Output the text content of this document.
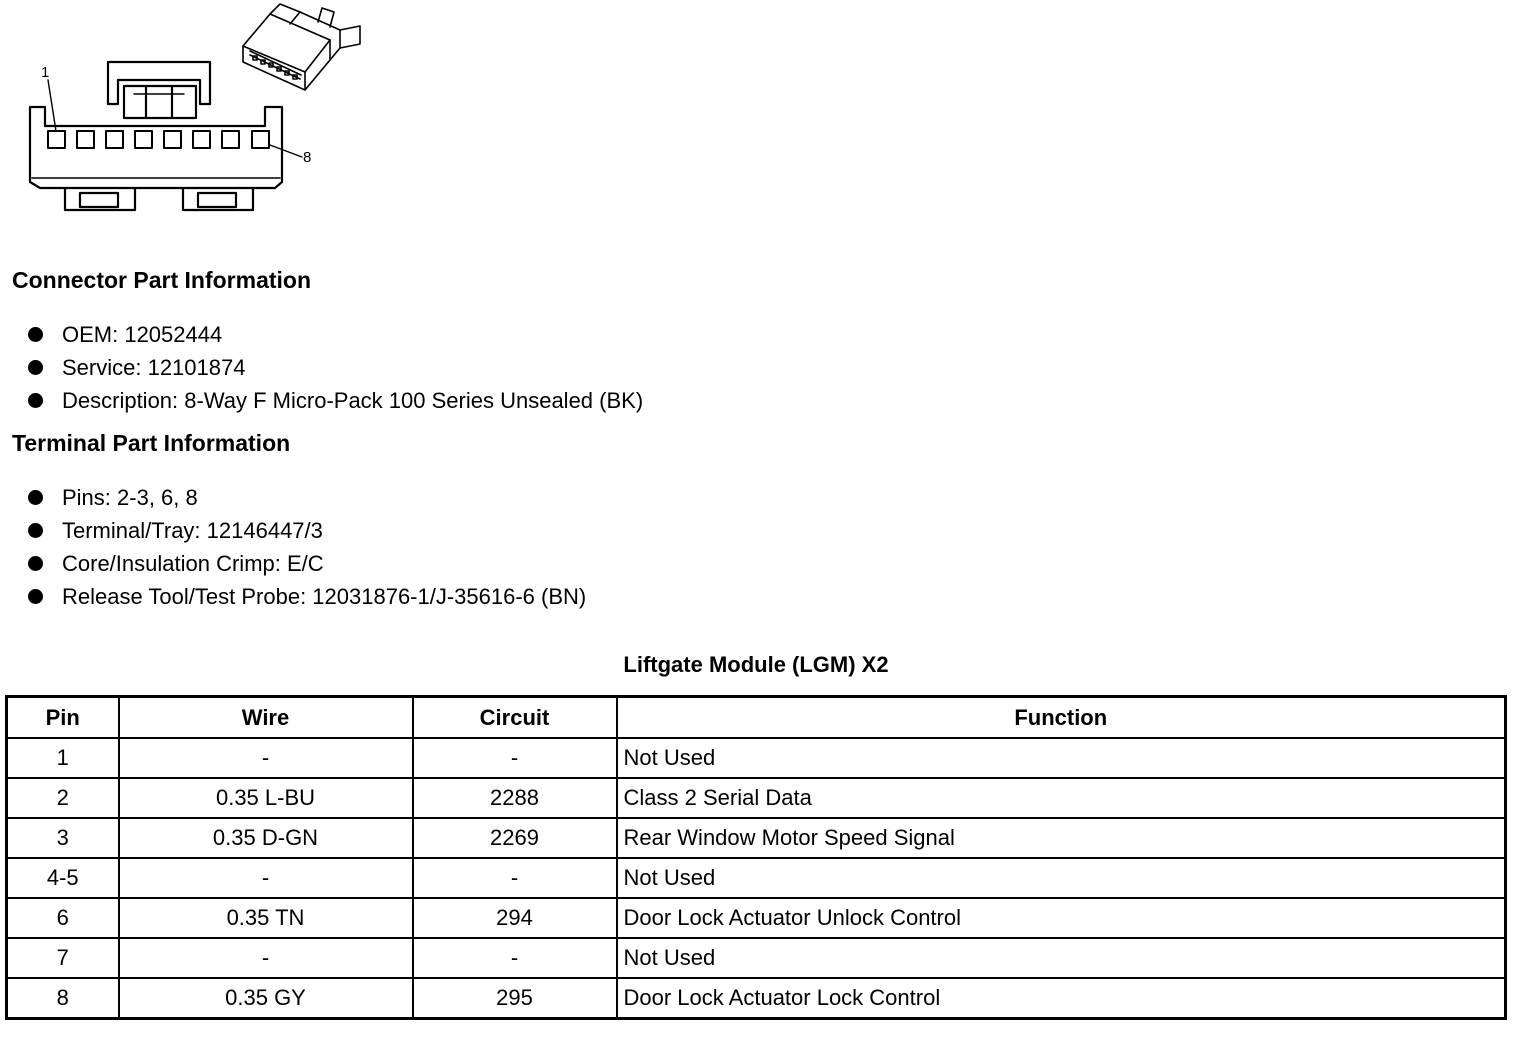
1
8
Connector Part Information
OEM: 12052444
Service: 12101874
Description: 8-Way F Micro-Pack 100 Series Unsealed (BK)
Terminal Part Information
Pins: 2-3, 6, 8
Terminal/Tray: 12146447/3
Core/Insulation Crimp: E/C
Release Tool/Test Probe: 12031876-1/J-35616-6 (BN)
Liftgate Module (LGM) X2
Pin	Wire	Circuit	Function
1	-	-	Not Used
2	0.35 L-BU	2288	Class 2 Serial Data
3	0.35 D-GN	2269	Rear Window Motor Speed Signal
4-5	-	-	Not Used
6	0.35 TN	294	Door Lock Actuator Unlock Control
7	-	-	Not Used
8	0.35 GY	295	Door Lock Actuator Lock Control
